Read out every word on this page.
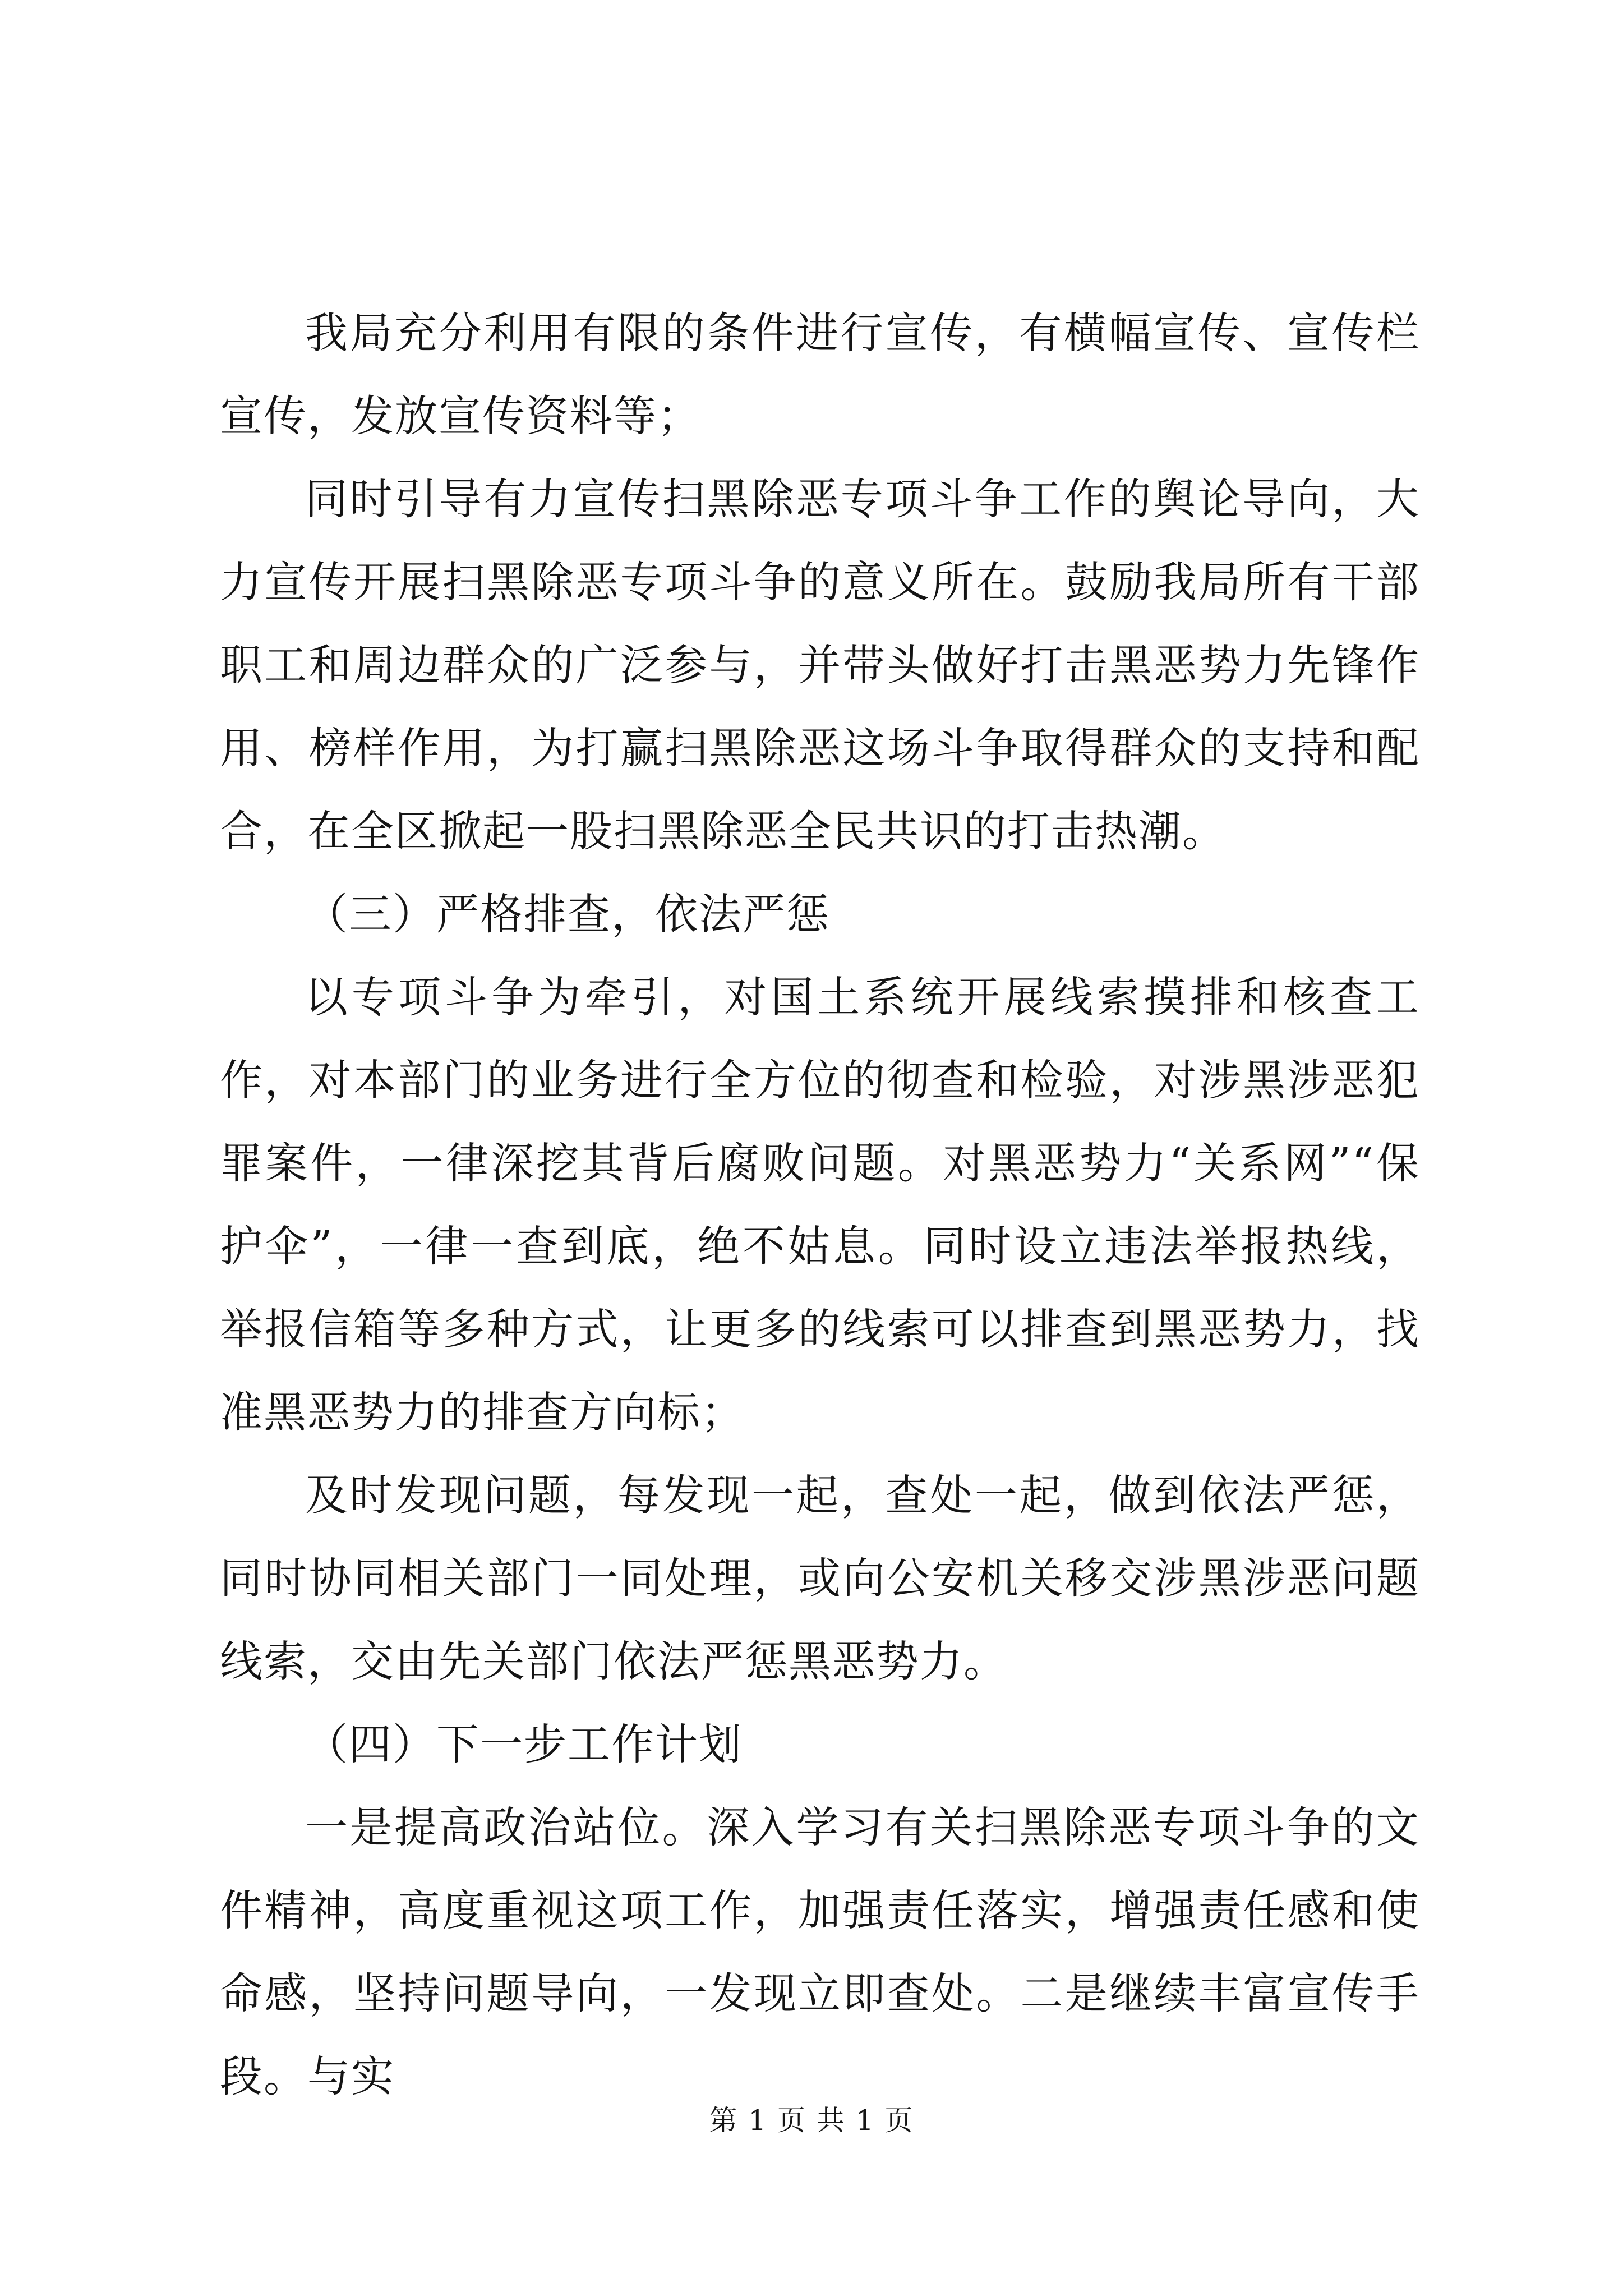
我局充分利用有限的条件进行宣传，有横幅宣传、宣传栏宣传，发放宣传资料等；

同时引导有力宣传扫黑除恶专项斗争工作的舆论导向，大力宣传开展扫黑除恶专项斗争的意义所在。鼓励我局所有干部职工和周边群众的广泛参与，并带头做好打击黑恶势力先锋作用、榜样作用，为打赢扫黑除恶这场斗争取得群众的支持和配合，在全区掀起一股扫黑除恶全民共识的打击热潮。

（三）严格排查，依法严惩

以专项斗争为牵引，对国土系统开展线索摸排和核查工作，对本部门的业务进行全方位的彻查和检验，对涉黑涉恶犯罪案件，一律深挖其背后腐败问题。对黑恶势力“关系网”“保护伞”，一律一查到底，绝不姑息。同时设立违法举报热线，举报信箱等多种方式，让更多的线索可以排查到黑恶势力，找准黑恶势力的排查方向标；

及时发现问题，每发现一起，查处一起，做到依法严惩，同时协同相关部门一同处理，或向公安机关移交涉黑涉恶问题线索，交由先关部门依法严惩黑恶势力。

（四）下一步工作计划

一是提高政治站位。深入学习有关扫黑除恶专项斗争的文件精神，高度重视这项工作，加强责任落实，增强责任感和使命感，坚持问题导向，一发现立即查处。二是继续丰富宣传手段。与实

第 1 页 共 1 页
